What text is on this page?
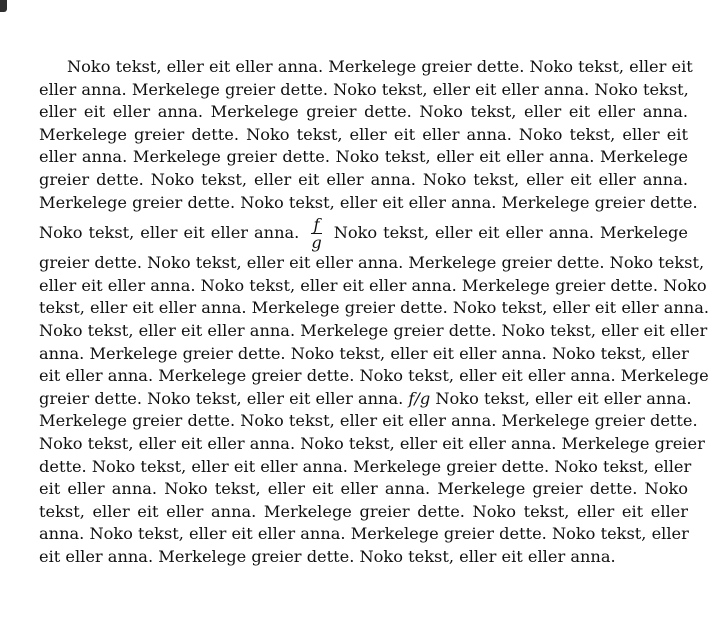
Noko tekst, eller eit eller anna. Merkelege greier dette. Noko tekst, eller eit
eller anna. Merkelege greier dette. Noko tekst, eller eit eller anna. Noko tekst,
eller eit eller anna. Merkelege greier dette. Noko tekst, eller eit eller anna.
Merkelege greier dette. Noko tekst, eller eit eller anna. Noko tekst, eller eit
eller anna. Merkelege greier dette. Noko tekst, eller eit eller anna. Merkelege
greier dette. Noko tekst, eller eit eller anna. Noko tekst, eller eit eller anna.
Merkelege greier dette. Noko tekst, eller eit eller anna. Merkelege greier dette.
Noko tekst, eller eit eller anna. $\frac{f}{g}$ Noko tekst, eller eit eller anna. Merkelege
greier dette. Noko tekst, eller eit eller anna. Merkelege greier dette. Noko tekst,
eller eit eller anna. Noko tekst, eller eit eller anna. Merkelege greier dette. Noko
tekst, eller eit eller anna. Merkelege greier dette. Noko tekst, eller eit eller anna.
Noko tekst, eller eit eller anna. Merkelege greier dette. Noko tekst, eller eit eller
anna. Merkelege greier dette. Noko tekst, eller eit eller anna. Noko tekst, eller
eit eller anna. Merkelege greier dette. Noko tekst, eller eit eller anna. Merkelege
greier dette. Noko tekst, eller eit eller anna. f/g Noko tekst, eller eit eller anna.
Merkelege greier dette. Noko tekst, eller eit eller anna. Merkelege greier dette.
Noko tekst, eller eit eller anna. Noko tekst, eller eit eller anna. Merkelege greier
dette. Noko tekst, eller eit eller anna. Merkelege greier dette. Noko tekst, eller
eit eller anna. Noko tekst, eller eit eller anna. Merkelege greier dette. Noko
tekst, eller eit eller anna. Merkelege greier dette. Noko tekst, eller eit eller
anna. Noko tekst, eller eit eller anna. Merkelege greier dette. Noko tekst, eller
eit eller anna. Merkelege greier dette. Noko tekst, eller eit eller anna.
